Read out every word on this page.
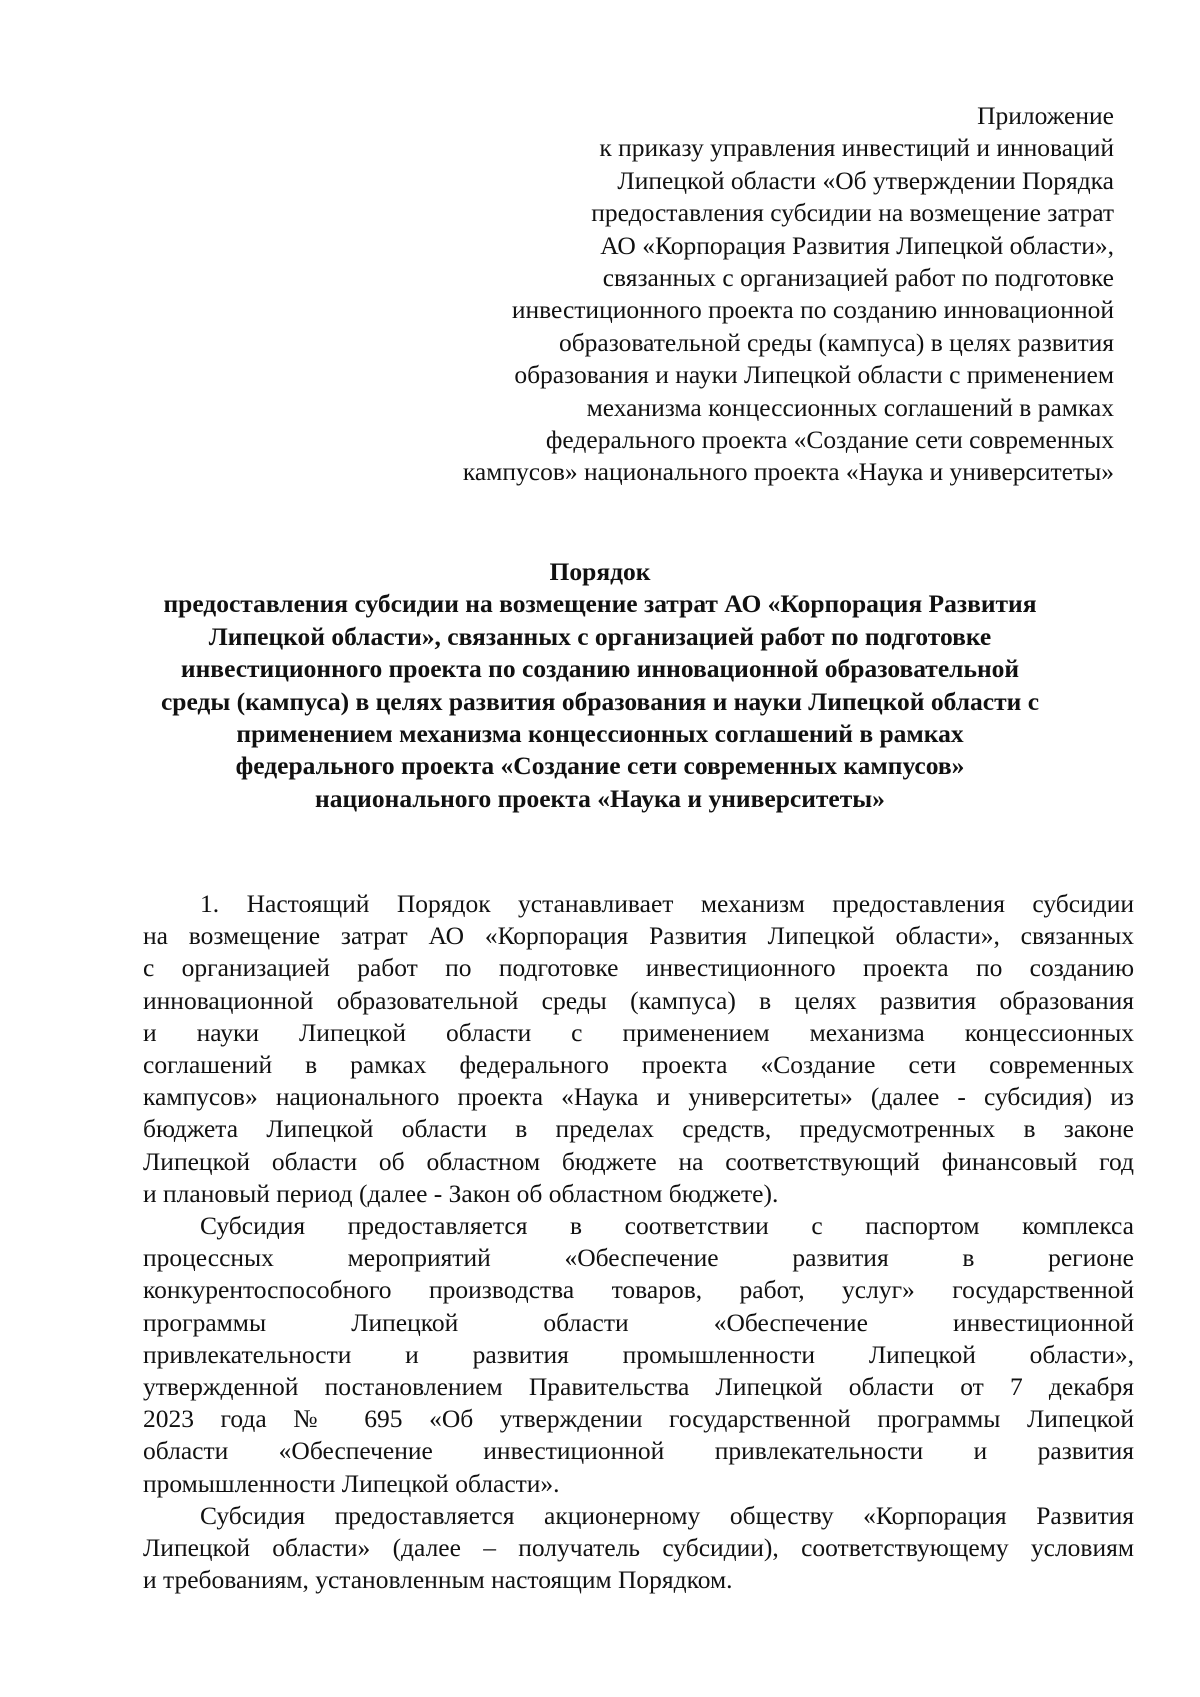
Приложение
к приказу управления инвестиций и инноваций
Липецкой области «Об утверждении Порядка
предоставления субсидии на возмещение затрат
АО «Корпорация Развития Липецкой области»,
связанных с организацией работ по подготовке
инвестиционного проекта по созданию инновационной
образовательной среды (кампуса) в целях развития
образования и науки Липецкой области с применением
механизма концессионных соглашений в рамках
федерального проекта «Создание сети современных
кампусов» национального проекта «Наука и университеты»
Порядок
предоставления субсидии на возмещение затрат АО «Корпорация Развития
Липецкой области», связанных с организацией работ по подготовке
инвестиционного проекта по созданию инновационной образовательной
среды (кампуса) в целях развития образования и науки Липецкой области с
применением механизма концессионных соглашений в рамках
федерального проекта «Создание сети современных кампусов»
национального проекта «Наука и университеты»
1. Настоящий Порядок устанавливает механизм предоставления субсидии
на возмещение затрат АО «Корпорация Развития Липецкой области», связанных
с организацией работ по подготовке инвестиционного проекта по созданию
инновационной образовательной среды (кампуса) в целях развития образования
и науки Липецкой области с применением механизма концессионных
соглашений в рамках федерального проекта «Создание сети современных
кампусов» национального проекта «Наука и университеты» (далее - субсидия) из
бюджета Липецкой области в пределах средств, предусмотренных в законе
Липецкой области об областном бюджете на соответствующий финансовый год
и плановый период (далее - Закон об областном бюджете).
Субсидия предоставляется в соответствии с паспортом комплекса
процессных мероприятий «Обеспечение развития в регионе
конкурентоспособного производства товаров, работ, услуг» государственной
программы Липецкой области «Обеспечение инвестиционной
привлекательности и развития промышленности Липецкой области»,
утвержденной постановлением Правительства Липецкой области от 7 декабря
2023 года № 695 «Об утверждении государственной программы Липецкой
области «Обеспечение инвестиционной привлекательности и развития
промышленности Липецкой области».
Субсидия предоставляется акционерному обществу «Корпорация Развития
Липецкой области» (далее – получатель субсидии), соответствующему условиям
и требованиям, установленным настоящим Порядком.
